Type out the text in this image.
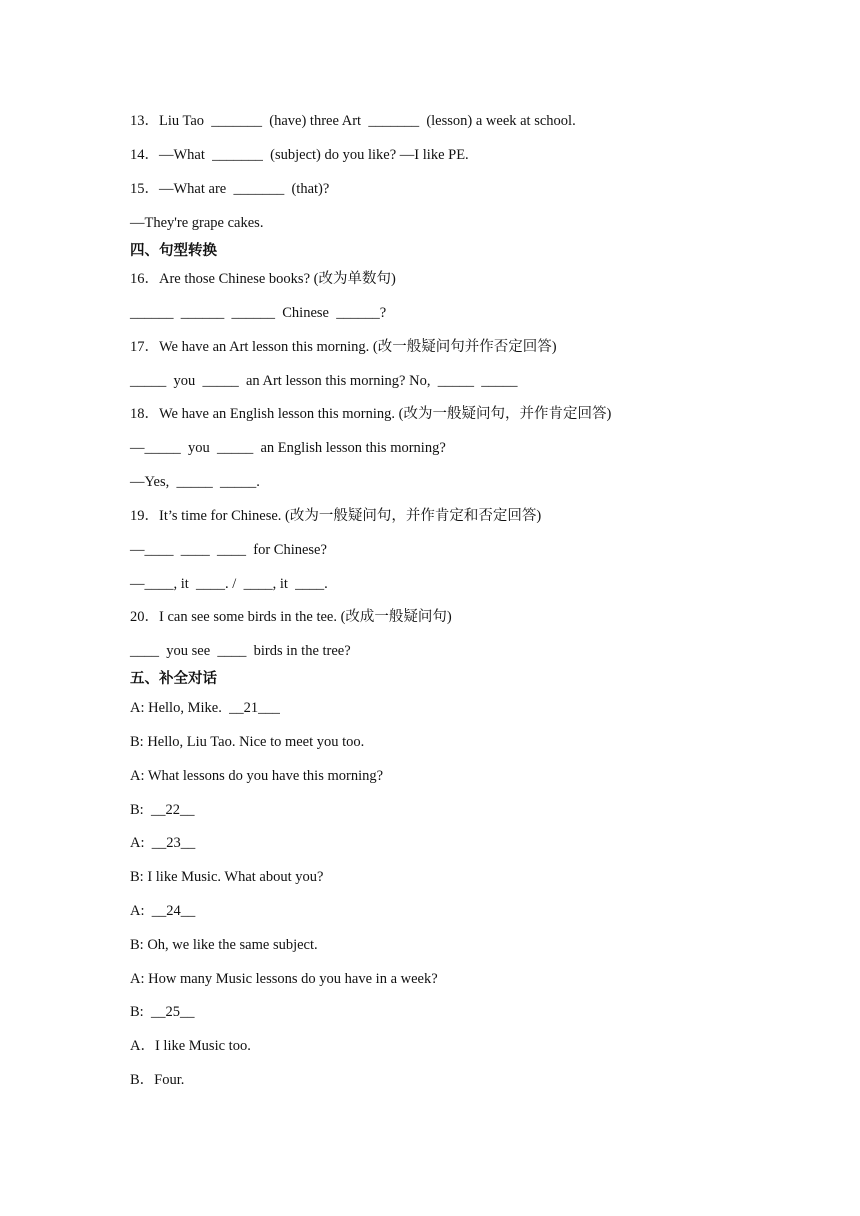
13．Liu Tao  _______  (have) three Art  _______  (lesson) a week at school.
14．—What  _______  (subject) do you like? —I like PE.
15．—What are  _______  (that)?
—They're grape cakes.
四、句型转换
16．Are those Chinese books? (改为单数句)
______  ______  ______  Chinese  ______?
17．We have an Art lesson this morning. (改一般疑问句并作否定回答)
_____  you  _____  an Art lesson this morning? No,  _____  _____
18．We have an English lesson this morning. (改为一般疑问句，并作肯定回答)
—_____  you  _____  an English lesson this morning?
—Yes,  _____  _____.
19．It’s time for Chinese. (改为一般疑问句，并作肯定和否定回答)
—____  ____  ____  for Chinese?
—____, it  ____. /  ____, it  ____.
20．I can see some birds in the tee. (改成一般疑问句)
____  you see  ____  birds in the tree?
五、补全对话
A: Hello, Mike.  __21___
B: Hello, Liu Tao. Nice to meet you too.
A: What lessons do you have this morning?
B:  __22__
A:  __23__
B: I like Music. What about you?
A:  __24__
B: Oh, we like the same subject.
A: How many Music lessons do you have in a week?
B:  __25__
A．I like Music too.
B．Four.
